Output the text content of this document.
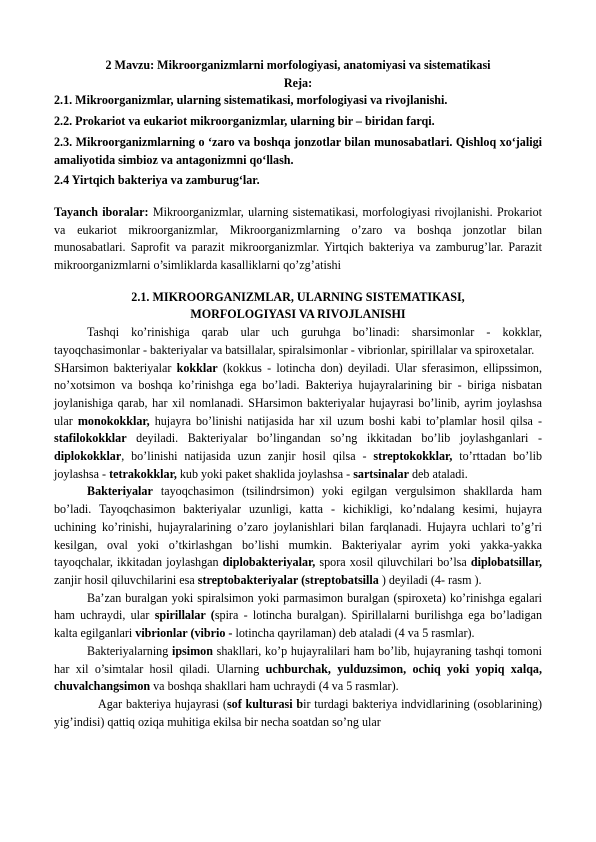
2 Mavzu: Mikroorganizmlarni morfologiyasi, anatomiyasi va sistematikasi
Reja:
2.1. Mikroorganizmlar, ularning sistematikasi, morfologiyasi va rivojlanishi.
2.2. Prokariot va eukariot mikroorganizmlar, ularning bir – biridan farqi.
2.3. Mikroorganizmlarning o ‘zaro va boshqa jonzotlar bilan munosabatlari. Qishloq xo‘jaligi amaliyotida simbioz va antagonizmni qo‘llash.
2.4 Yirtqich bakteriya va zamburug‘lar.

Tayanch iboralar: Mikroorganizmlar, ularning sistematikasi, morfologiyasi rivojlanishi. Prokariot va eukariot mikroorganizmlar, Mikroorganizmlarning o’zaro va boshqa jonzotlar bilan munosabatlari. Saprofit va parazit mikroorganizmlar. Yirtqich bakteriya va zamburug’lar. Parazit mikroorganizmlarni o’simliklarda kasalliklarni qo’zg’atishi

2.1. MIKROORGANIZMLAR, ULARNING SISTEMATIKASI,
MORFOLOGIYASI VA RIVOJLANISHI

Tashqi ko’rinishiga qarab ular uch guruhga bo’linadi: sharsimonlar - kokklar, tayoqchasimonlar - bakteriyalar va batsillalar, spiralsimonlar - vibrionlar, spirillalar va spiroxetalar.

SHarsimon bakteriyalar kokklar (kokkus - lotincha don) deyiladi. Ular sferasimon, ellipssimon, no’xotsimon va boshqa ko’rinishga ega bo’ladi. Bakteriya hujayralarining bir - biriga nisbatan joylanishiga qarab, har xil nomlanadi. SHarsimon bakteriyalar hujayrasi bo’linib, ayrim joylashsa ular monokokklar, hujayra bo’linishi natijasida har xil uzum boshi kabi to’plamlar hosil qilsa - stafilokokklar deyiladi. Bakteriyalar bo’lingandan so’ng ikkitadan bo’lib joylashganlari - diplokokklar, bo’linishi natijasida uzun zanjir hosil qilsa - streptokokklar, to’rttadan bo’lib joylashsa - tetrakokklar, kub yoki paket shaklida joylashsa - sartsinalar deb ataladi.

Bakteriyalar tayoqchasimon (tsilindrsimon) yoki egilgan vergulsimon shakllarda ham bo’ladi. Tayoqchasimon bakteriyalar uzunligi, katta - kichikligi, ko’ndalang kesimi, hujayra uchining ko’rinishi, hujayralarining o’zaro joylanishlari bilan farqlanadi. Hujayra uchlari to’g’ri kesilgan, oval yoki o’tkirlashgan bo’lishi mumkin. Bakteriyalar ayrim yoki yakka-yakka tayoqchalar, ikkitadan joylashgan diplobakteriyalar, spora xosil qiluvchilari bo’lsa diplobatsillar, zanjir hosil qiluvchilarini esa streptobakteriyalar (streptobatsilla ) deyiladi (4- rasm ).

Ba’zan buralgan yoki spiralsimon yoki parmasimon buralgan (spiroxeta) ko’rinishga egalari ham uchraydi, ular spirillalar (spira - lotincha buralgan). Spirillalarni burilishga ega bo’ladigan kalta egilganlari vibrionlar (vibrio - lotincha qayrilaman) deb ataladi (4 va 5 rasmlar).

Bakteriyalarning ipsimon shakllari, ko’p hujayralilari ham bo’lib, hujayraning tashqi tomoni har xil o’simtalar hosil qiladi. Ularning uchburchak, yulduzsimon, ochiq yoki yopiq xalqa, chuvalchangsimon va boshqa shakllari ham uchraydi (4 va 5 rasmlar).

Agar bakteriya hujayrasi (sof kulturasi bir turdagi bakteriya indvidlarining (osoblarining) yig’indisi) qattiq oziqa muhitiga ekilsa bir necha soatdan so’ng ular
